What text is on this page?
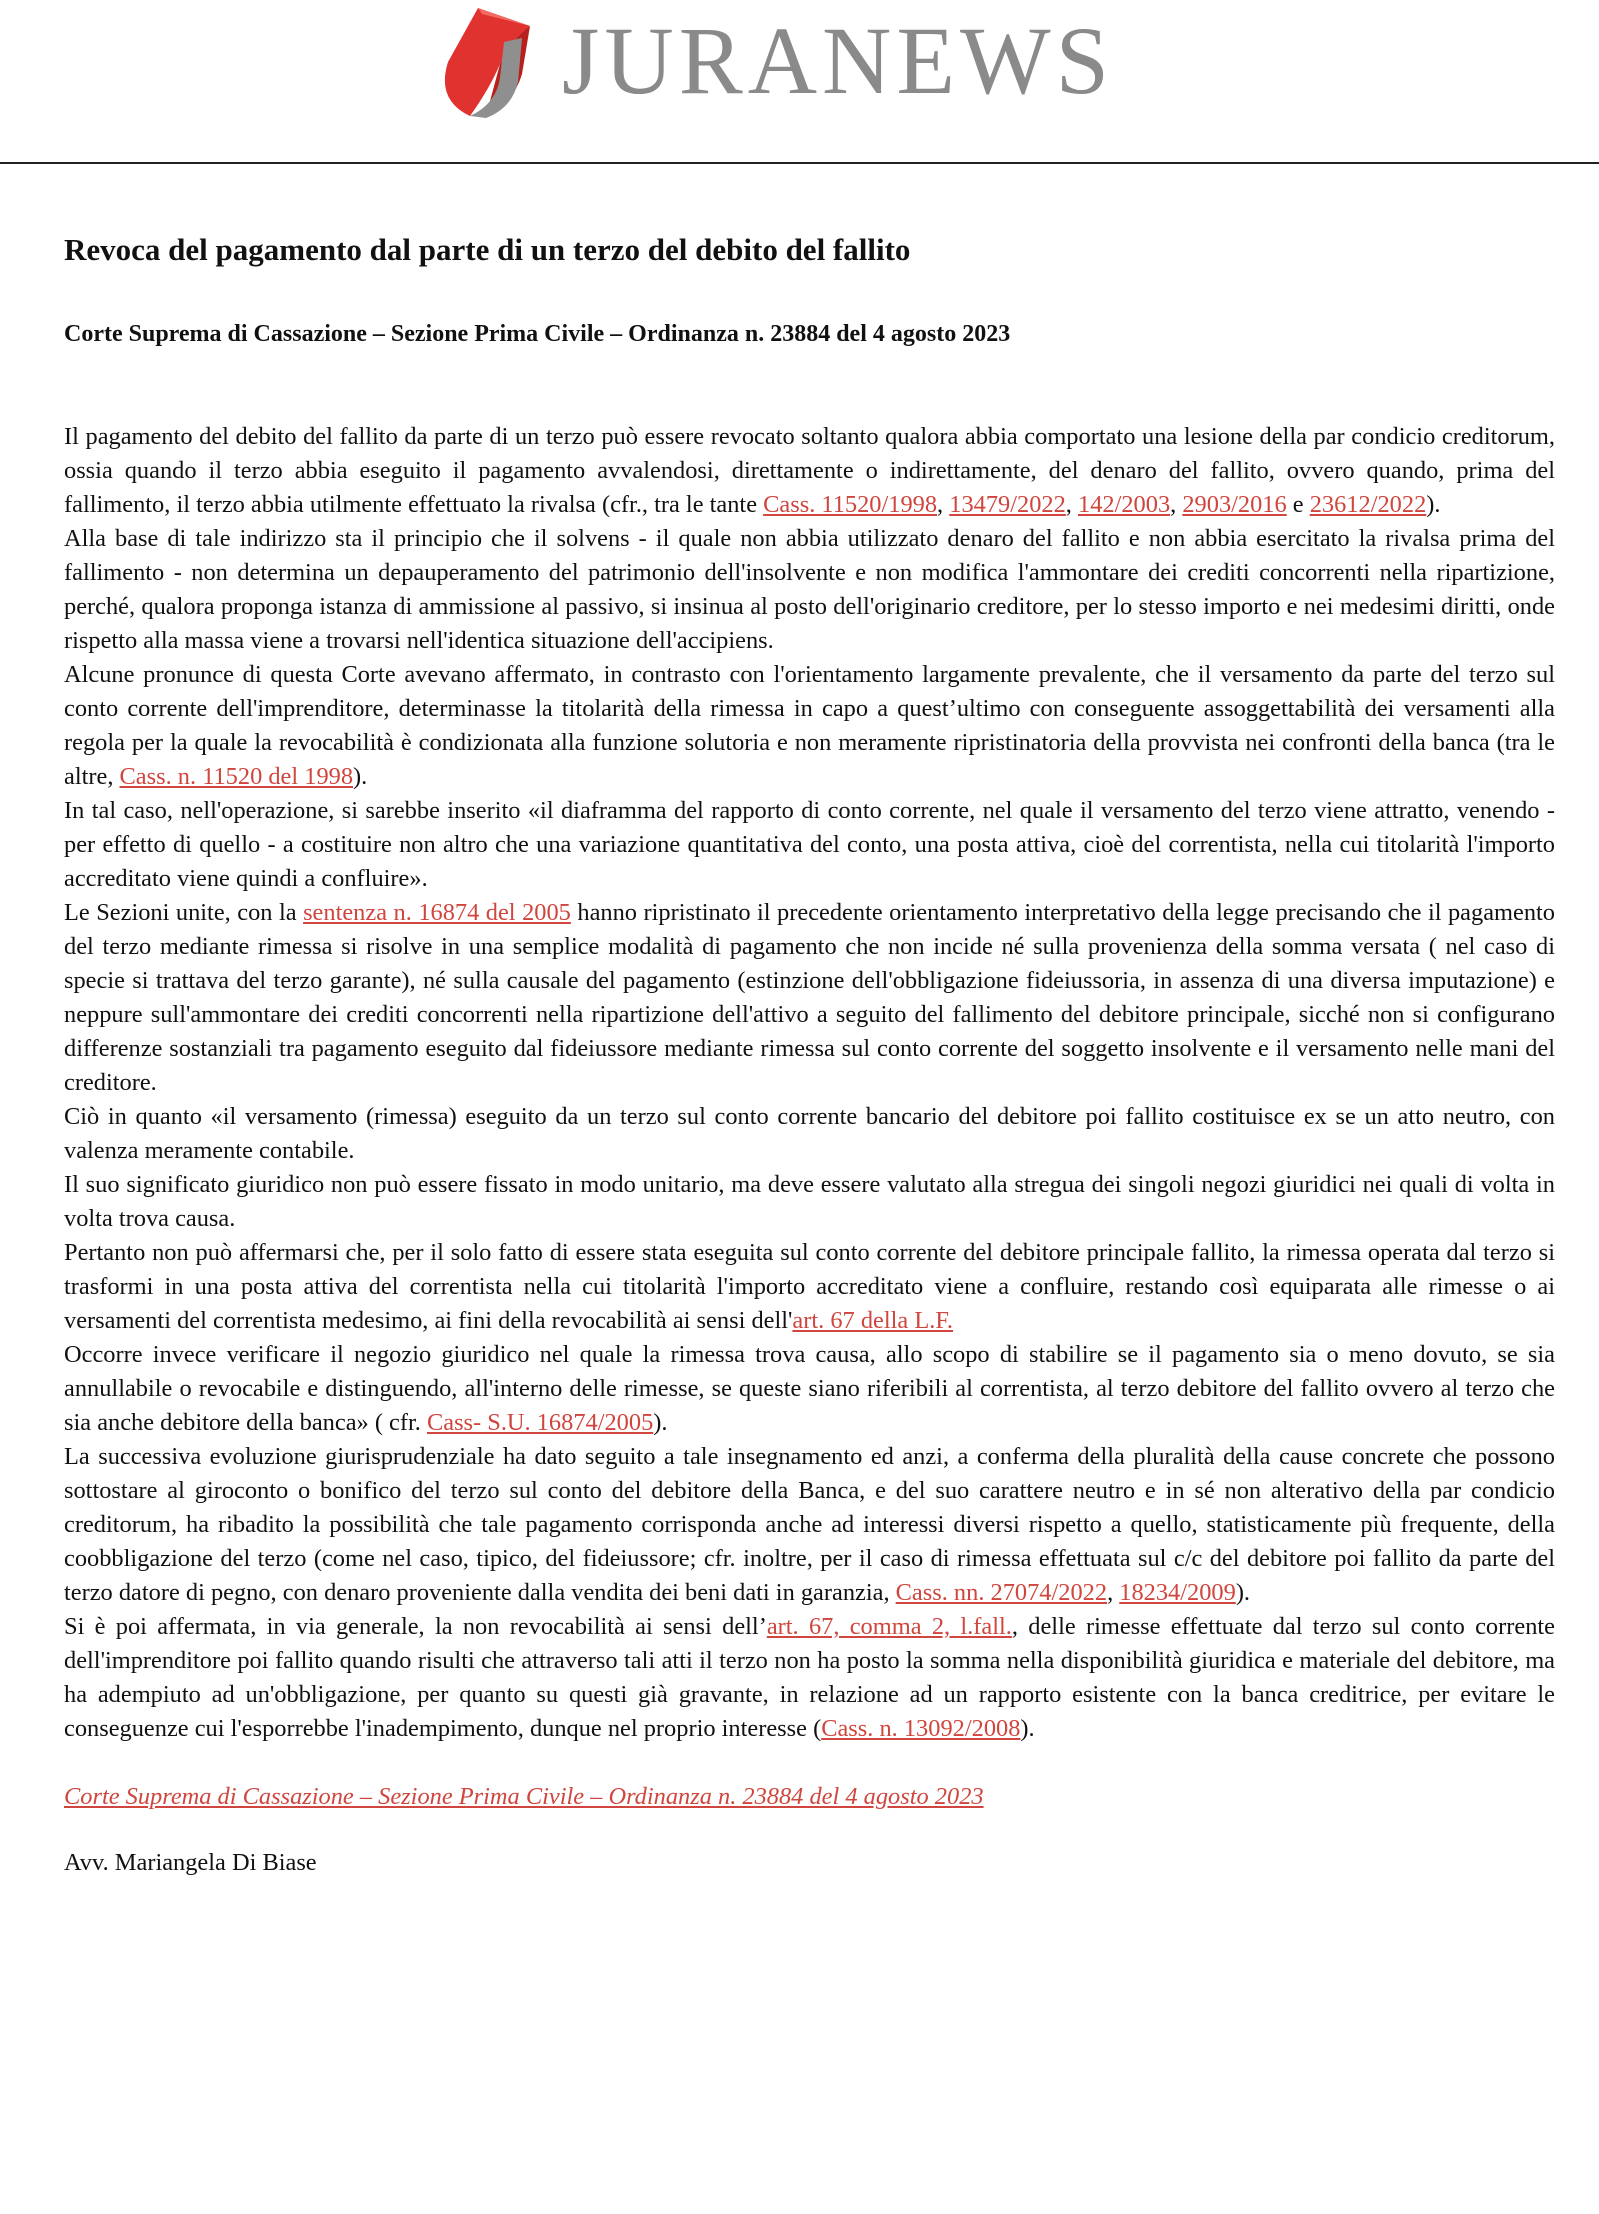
JURANEWS
Revoca del pagamento dal parte di un terzo del debito del fallito
Corte Suprema di Cassazione – Sezione Prima Civile – Ordinanza n. 23884 del 4 agosto 2023

Il pagamento del debito del fallito da parte di un terzo può essere revocato soltanto qualora abbia comportato una lesione della par condicio creditorum, ossia quando il terzo abbia eseguito il pagamento avvalendosi, direttamente o indirettamente, del denaro del fallito, ovvero quando, prima del fallimento, il terzo abbia utilmente effettuato la rivalsa (cfr., tra le tante Cass. 11520/1998, 13479/2022, 142/2003, 2903/2016 e 23612/2022).

Alla base di tale indirizzo sta il principio che il solvens - il quale non abbia utilizzato denaro del fallito e non abbia esercitato la rivalsa prima del fallimento - non determina un depauperamento del patrimonio dell'insolvente e non modifica l'ammontare dei crediti concorrenti nella ripartizione, perché, qualora proponga istanza di ammissione al passivo, si insinua al posto dell'originario creditore, per lo stesso importo e nei medesimi diritti, onde rispetto alla massa viene a trovarsi nell'identica situazione dell'accipiens.

Alcune pronunce di questa Corte avevano affermato, in contrasto con l'orientamento largamente prevalente, che il versamento da parte del terzo sul conto corrente dell'imprenditore, determinasse la titolarità della rimessa in capo a quest’ultimo con conseguente assoggettabilità dei versamenti alla regola per la quale la revocabilità è condizionata alla funzione solutoria e non meramente ripristinatoria della provvista nei confronti della banca (tra le altre, Cass. n. 11520 del 1998).

In tal caso, nell'operazione, si sarebbe inserito «il diaframma del rapporto di conto corrente, nel quale il versamento del terzo viene attratto, venendo - per effetto di quello - a costituire non altro che una variazione quantitativa del conto, una posta attiva, cioè del correntista, nella cui titolarità l'importo accreditato viene quindi a confluire».

Le Sezioni unite, con la sentenza n. 16874 del 2005 hanno ripristinato il precedente orientamento interpretativo della legge precisando che il pagamento del terzo mediante rimessa si risolve in una semplice modalità di pagamento che non incide né sulla provenienza della somma versata ( nel caso di specie si trattava del terzo garante), né sulla causale del pagamento (estinzione dell'obbligazione fideiussoria, in assenza di una diversa imputazione) e neppure sull'ammontare dei crediti concorrenti nella ripartizione dell'attivo a seguito del fallimento del debitore principale, sicché non si configurano differenze sostanziali tra pagamento eseguito dal fideiussore mediante rimessa sul conto corrente del soggetto insolvente e il versamento nelle mani del creditore.

Ciò in quanto «il versamento (rimessa) eseguito da un terzo sul conto corrente bancario del debitore poi fallito costituisce ex se un atto neutro, con valenza meramente contabile.

Il suo significato giuridico non può essere fissato in modo unitario, ma deve essere valutato alla stregua dei singoli negozi giuridici nei quali di volta in volta trova causa.

Pertanto non può affermarsi che, per il solo fatto di essere stata eseguita sul conto corrente del debitore principale fallito, la rimessa operata dal terzo si trasformi in una posta attiva del correntista nella cui titolarità l'importo accreditato viene a confluire, restando così equiparata alle rimesse o ai versamenti del correntista medesimo, ai fini della revocabilità ai sensi dell'art. 67 della L.F.

Occorre invece verificare il negozio giuridico nel quale la rimessa trova causa, allo scopo di stabilire se il pagamento sia o meno dovuto, se sia annullabile o revocabile e distinguendo, all'interno delle rimesse, se queste siano riferibili al correntista, al terzo debitore del fallito ovvero al terzo che sia anche debitore della banca» ( cfr. Cass- S.U. 16874/2005).

La successiva evoluzione giurisprudenziale ha dato seguito a tale insegnamento ed anzi, a conferma della pluralità della cause concrete che possono sottostare al giroconto o bonifico del terzo sul conto del debitore della Banca, e del suo carattere neutro e in sé non alterativo della par condicio creditorum, ha ribadito la possibilità che tale pagamento corrisponda anche ad interessi diversi rispetto a quello, statisticamente più frequente, della coobbligazione del terzo (come nel caso, tipico, del fideiussore; cfr. inoltre, per il caso di rimessa effettuata sul c/c del debitore poi fallito da parte del terzo datore di pegno, con denaro proveniente dalla vendita dei beni dati in garanzia, Cass. nn. 27074/2022, 18234/2009).

Si è poi affermata, in via generale, la non revocabilità ai sensi dell’art. 67, comma 2, l.fall., delle rimesse effettuate dal terzo sul conto corrente dell'imprenditore poi fallito quando risulti che attraverso tali atti il terzo non ha posto la somma nella disponibilità giuridica e materiale del debitore, ma ha adempiuto ad un'obbligazione, per quanto su questi già gravante, in relazione ad un rapporto esistente con la banca creditrice, per evitare le conseguenze cui l'esporrebbe l'inadempimento, dunque nel proprio interesse (Cass. n. 13092/2008).

Corte Suprema di Cassazione – Sezione Prima Civile – Ordinanza n. 23884 del 4 agosto 2023
Avv. Mariangela Di Biase
